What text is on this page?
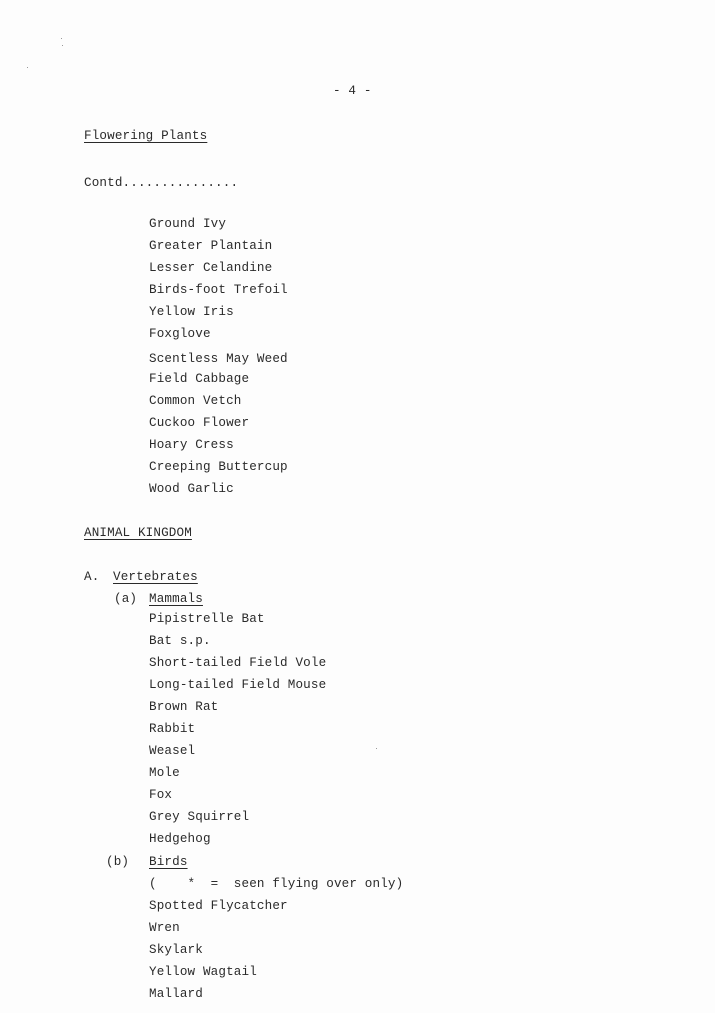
- 4 -
Flowering Plants
Contd...............
Ground Ivy
Greater Plantain
Lesser Celandine
Birds-foot Trefoil
Yellow Iris
Foxglove
Scentless May Weed
Field Cabbage
Common Vetch
Cuckoo Flower
Hoary Cress
Creeping Buttercup
Wood Garlic
ANIMAL KINGDOM
A. Vertebrates
(a) Mammals
Pipistrelle Bat
Bat s.p.
Short-tailed Field Vole
Long-tailed Field Mouse
Brown Rat
Rabbit
Weasel
Mole
Fox
Grey Squirrel
Hedgehog
(b) Birds
(    *  =  seen flying over only)
Spotted Flycatcher
Wren
Skylark
Yellow Wagtail
Mallard
